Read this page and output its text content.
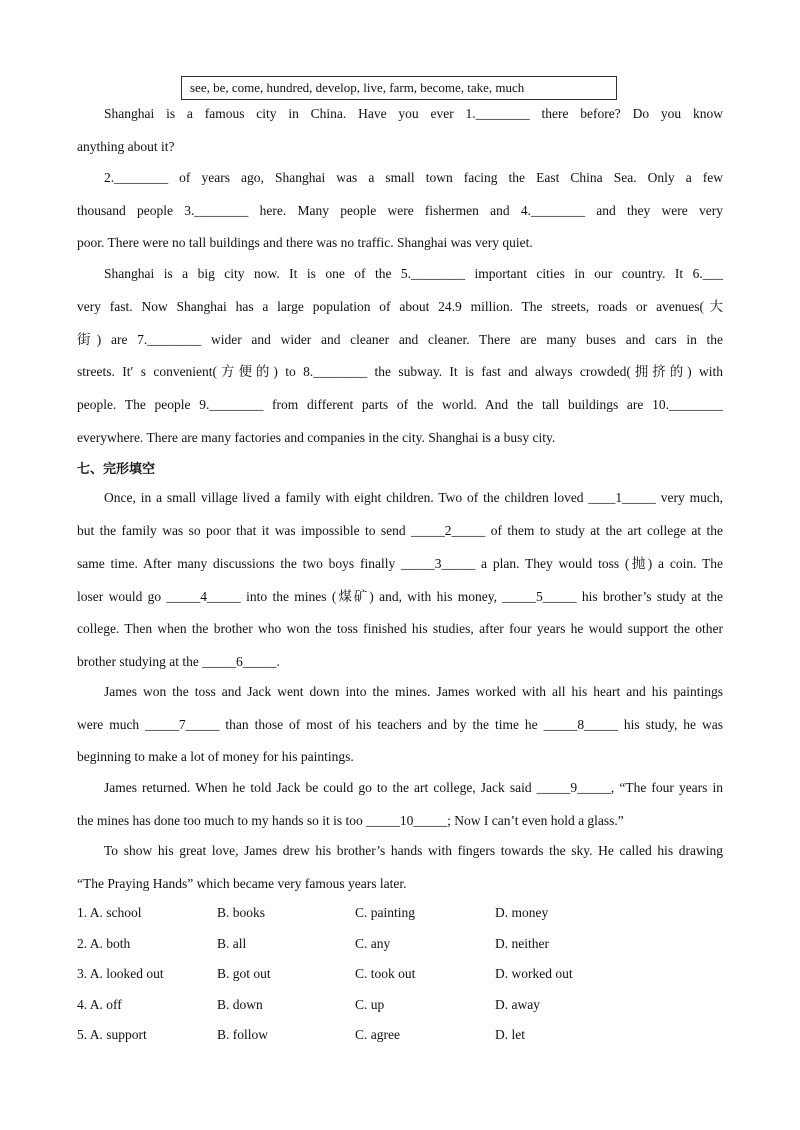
see, be, come, hundred, develop, live, farm, become, take, much
Shanghai is a famous city in China. Have you ever 1.________ there before? Do you know
anything about it?
2.________ of years ago, Shanghai was a small town facing the East China Sea. Only a few
thousand people 3.________ here. Many people were fishermen and 4.________ and they were very
poor. There were no tall buildings and there was no traffic. Shanghai was very quiet.
Shanghai is a big city now. It is one of the 5.________ important cities in our country. It 6.___
very fast. Now Shanghai has a large population of about 24.9 million. The streets, roads or avenues(大
街) are 7.________ wider and wider and cleaner and cleaner. There are many buses and cars in the
streets. It′ s convenient(方便的) to 8.________ the subway. It is fast and always crowded(拥挤的) with
people. The people 9.________ from different parts of the world. And the tall buildings are 10.________
everywhere. There are many factories and companies in the city. Shanghai is a busy city.
七、完形填空
Once, in a small village lived a family with eight children. Two of the children loved ____1_____ very much,
but the family was so poor that it was impossible to send _____2_____ of them to study at the art college at the
same time. After many discussions the two boys finally _____3_____ a plan. They would toss (抛) a coin. The
loser would go _____4_____ into the mines (煤矿) and, with his money, _____5_____ his brother’s study at the
college. Then when the brother who won the toss finished his studies, after four years he would support the other
brother studying at the _____6_____.
James won the toss and Jack went down into the mines. James worked with all his heart and his paintings
were much _____7_____ than those of most of his teachers and by the time he _____8_____ his study, he was
beginning to make a lot of money for his paintings.
James returned. When he told Jack be could go to the art college, Jack said _____9_____, “The four years in
the mines has done too much to my hands so it is too _____10_____; Now I can’t even hold a glass.”
To show his great love, James drew his brother’s hands with fingers towards the sky. He called his drawing
“The Praying Hands” which became very famous years later.
1. A. school	B. books	C. painting	D. money
2. A. both	B. all	C. any	D. neither
3. A. looked out	B. got out	C. took out	D. worked out
4. A. off	B. down	C. up	D. away
5. A. support	B. follow	C. agree	D. let
